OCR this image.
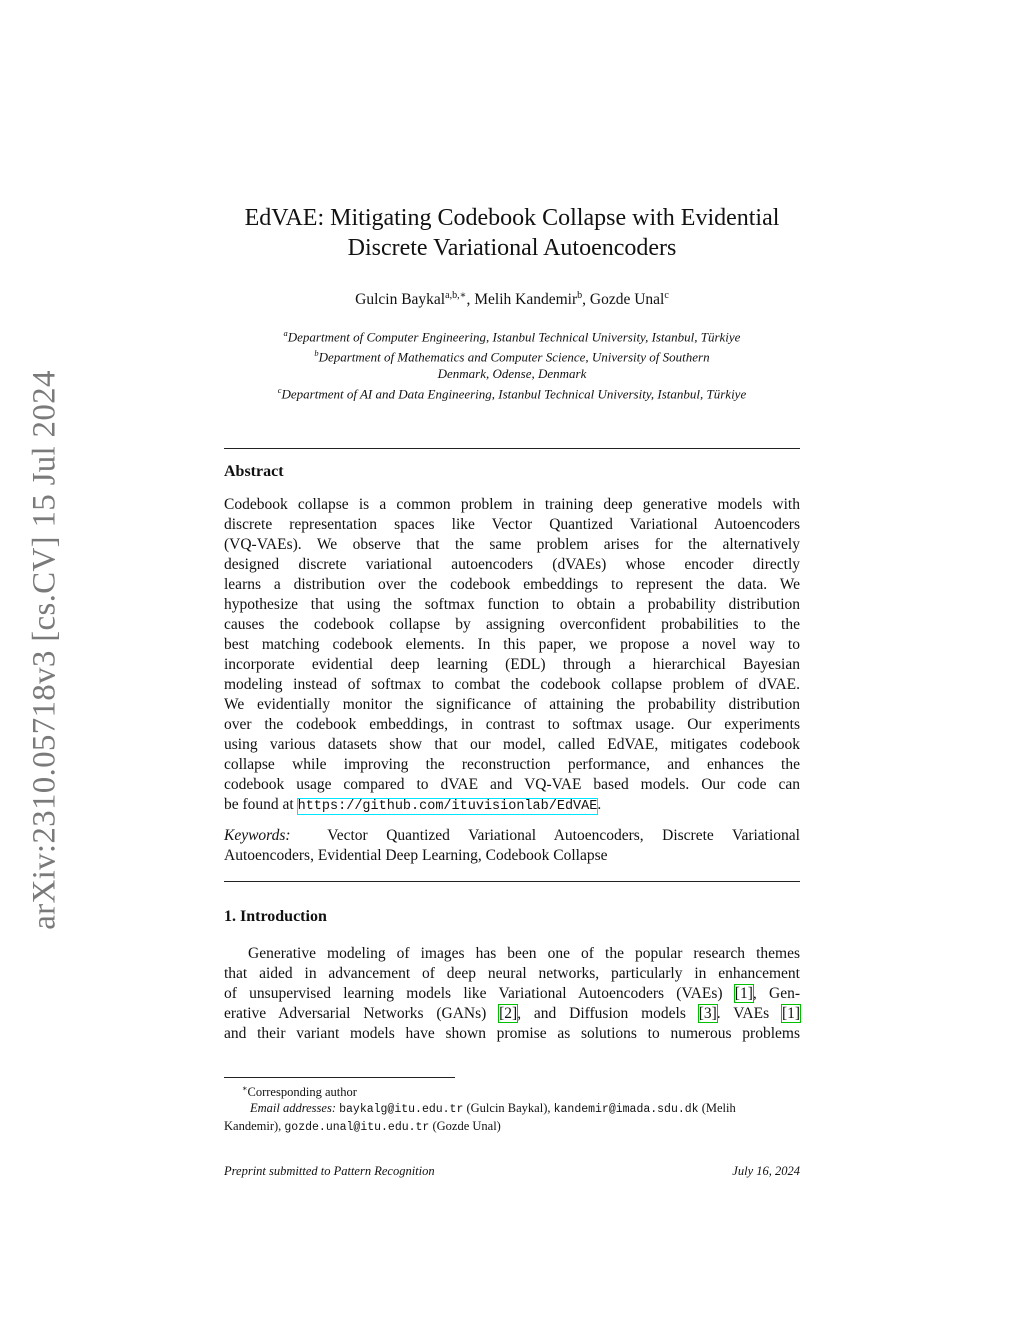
arXiv:2310.05718v3 [cs.CV] 15 Jul 2024
EdVAE: Mitigating Codebook Collapse with Evidential
Discrete Variational Autoencoders
Gulcin Baykal$^{a,b,∗}$, Melih Kandemir$^b$, Gozde Unal$^c$
$^a$Department of Computer Engineering, Istanbul Technical University, Istanbul, Türkiye
$^b$Department of Mathematics and Computer Science, University of Southern
Denmark, Odense, Denmark
$^c$Department of AI and Data Engineering, Istanbul Technical University, Istanbul, Türkiye
Abstract
Codebook collapse is a common problem in training deep generative models with
discrete representation spaces like Vector Quantized Variational Autoencoders
(VQ-VAEs). We observe that the same problem arises for the alternatively
designed discrete variational autoencoders (dVAEs) whose encoder directly
learns a distribution over the codebook embeddings to represent the data. We
hypothesize that using the softmax function to obtain a probability distribution
causes the codebook collapse by assigning overconfident probabilities to the
best matching codebook elements. In this paper, we propose a novel way to
incorporate evidential deep learning (EDL) through a hierarchical Bayesian
modeling instead of softmax to combat the codebook collapse problem of dVAE.
We evidentially monitor the significance of attaining the probability distribution
over the codebook embeddings, in contrast to softmax usage. Our experiments
using various datasets show that our model, called EdVAE, mitigates codebook
collapse while improving the reconstruction performance, and enhances the
codebook usage compared to dVAE and VQ-VAE based models. Our code can
be found at https://github.com/ituvisionlab/EdVAE.
Keywords: Vector Quantized Variational Autoencoders, Discrete Variational
Autoencoders, Evidential Deep Learning, Codebook Collapse
1. Introduction
Generative modeling of images has been one of the popular research themes
that aided in advancement of deep neural networks, particularly in enhancement
of unsupervised learning models like Variational Autoencoders (VAEs) [1], Gen-
erative Adversarial Networks (GANs) [2], and Diffusion models [3]. VAEs [1]
and their variant models have shown promise as solutions to numerous problems
∗Corresponding author
Email addresses: baykalg@itu.edu.tr (Gulcin Baykal), kandemir@imada.sdu.dk (Melih
Kandemir), gozde.unal@itu.edu.tr (Gozde Unal)
Preprint submitted to Pattern Recognition	July 16, 2024
